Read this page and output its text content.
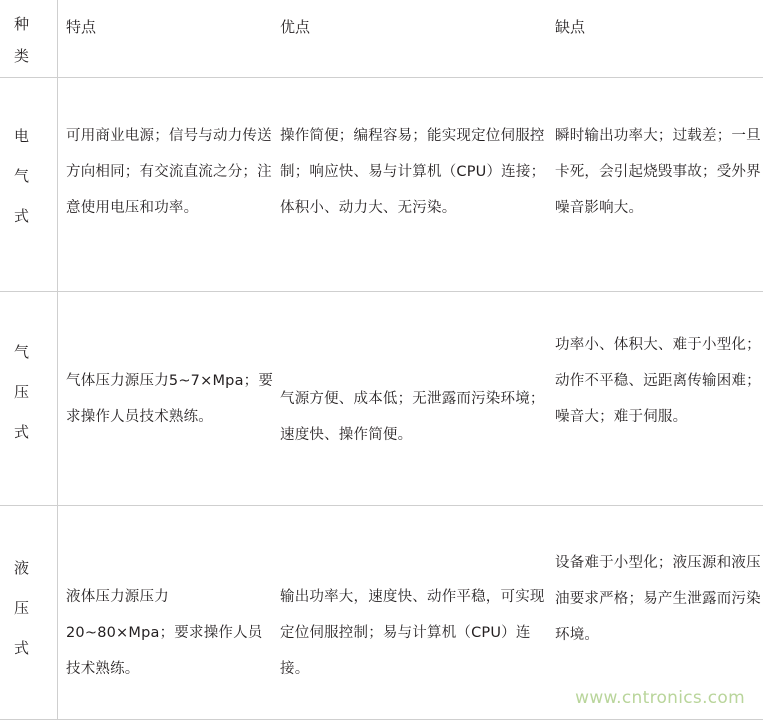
种
类
特点	优点	缺点
电
气
式
可用商业电源；信号与动力传送方向相同；有交流直流之分；注意使用电压和功率。
操作简便；编程容易；能实现定位伺服控制；响应快、易与计算机（CPU）连接；体积小、动力大、无污染。
瞬时输出功率大；过载差；一旦卡死，会引起烧毁事故；受外界噪音影响大。
气
压
式
气体压力源压力5~7×Mpa；要求操作人员技术熟练。
气源方便、成本低；无泄露而污染环境；速度快、操作简便。
功率小、体积大、难于小型化；动作不平稳、远距离传输困难；噪音大；难于伺服。
液
压
式
液体压力源压力20~80×Mpa；要求操作人员技术熟练。
输出功率大，速度快、动作平稳，可实现定位伺服控制；易与计算机（CPU）连接。
设备难于小型化；液压源和液压油要求严格；易产生泄露而污染环境。
www.cntronics.com
